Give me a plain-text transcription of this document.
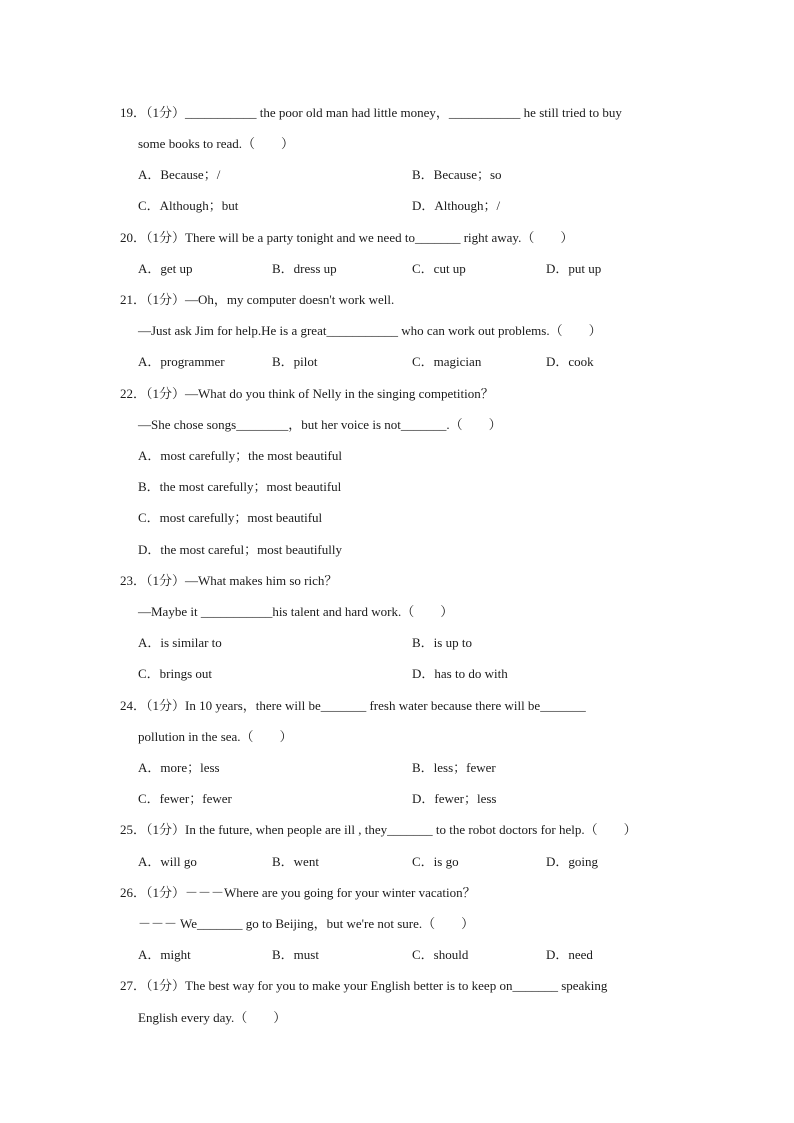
19．（1分）___________ the poor old man had little money，___________ he still tried to buy
some books to read.（　　）
A．Because；/	B．Because；so
C．Although；but	D．Although；/
20．（1分）There will be a party tonight and we need to_______ right away.（　　）
A．get up	B．dress up	C．cut up	D．put up
21．（1分）—Oh，my computer doesn't work well.
—Just ask Jim for help.He is a great___________ who can work out problems.（　　）
A．programmer	B．pilot	C．magician	D．cook
22．（1分）—What do you think of Nelly in the singing competition？
—She chose songs________，but her voice is not_______.（　　）
A．most carefully；the most beautiful
B．the most carefully；most beautiful
C．most carefully；most beautiful
D．the most careful；most beautifully
23．（1分）—What makes him so rich？
—Maybe it ___________his talent and hard work.（　　）
A．is similar to	B．is up to
C．brings out	D．has to do with
24．（1分）In 10 years，there will be_______ fresh water because there will be_______
pollution in the sea.（　　）
A．more；less	B．less；fewer
C．fewer；fewer	D．fewer；less
25．（1分）In the future, when people are ill , they_______ to the robot doctors for help.（　　）
A．will go	B．went	C．is go	D．going
26．（1分）－－－Where are you going for your winter vacation？
－－－ We_______ go to Beijing，but we're not sure.（　　）
A．might	B．must	C．should	D．need
27．（1分）The best way for you to make your English better is to keep on_______ speaking
English every day.（　　）
